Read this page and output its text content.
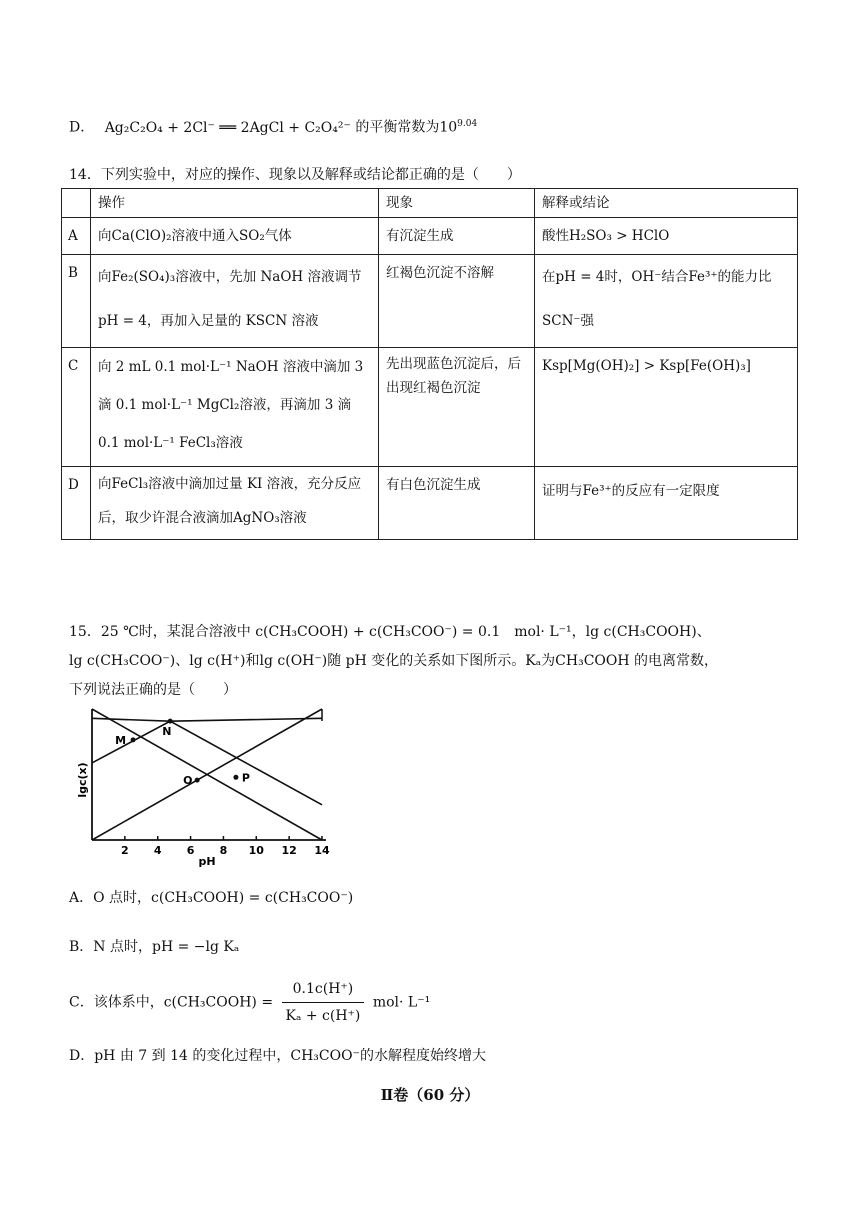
D． Ag₂C₂O₄ + 2Cl⁻ ══ 2AgCl + C₂O₄²⁻ 的平衡常数为$10^{9.04}$
14．下列实验中，对应的操作、现象以及解释或结论都正确的是（　　）
	操作	现象	解释或结论
A	向Ca(ClO)₂溶液中通入SO₂气体	有沉淀生成	酸性H₂SO₃ > HClO
B	向Fe₂(SO₄)₃溶液中，先加 NaOH 溶液调节pH = 4，再加入足量的 KSCN 溶液	红褐色沉淀不溶解	在pH = 4时，OH⁻结合Fe³⁺的能力比SCN⁻强
C	向 2 mL 0.1 mol·L⁻¹ NaOH 溶液中滴加 3 滴 0.1 mol·L⁻¹ MgCl₂溶液，再滴加 3 滴 0.1 mol·L⁻¹ FeCl₃溶液	先出现蓝色沉淀后，后出现红褐色沉淀	Ksp[Mg(OH)₂] > Ksp[Fe(OH)₃]
D	向FeCl₃溶液中滴加过量 KI 溶液，充分反应后，取少许混合液滴加AgNO₃溶液	有白色沉淀生成	证明与Fe³⁺的反应有一定限度
15．25 ℃时，某混合溶液中 c(CH₃COOH) + c(CH₃COO⁻) = 0.1　mol· L⁻¹，lg c(CH₃COOH)、
lg c(CH₃COO⁻)、lg c(H⁺)和lg c(OH⁻)随 pH 变化的关系如下图所示。Kₐ为CH₃COOH 的电离常数，
下列说法正确的是（　　）
2 4 6 8 10 12 14
M
N
O	P
lgc(x)
pH
A．O 点时，c(CH₃COOH) = c(CH₃COO⁻)
B．N 点时，pH = −lg Kₐ
C．该体系中，c(CH₃COOH) = $\frac{0.1c(H^+)}{\text{Kₐ + c(H⁺)}} mol\cdot L^{-1}$
D．pH 由 7 到 14 的变化过程中，CH₃COO⁻的水解程度始终增大
Ⅱ卷（60 分）
